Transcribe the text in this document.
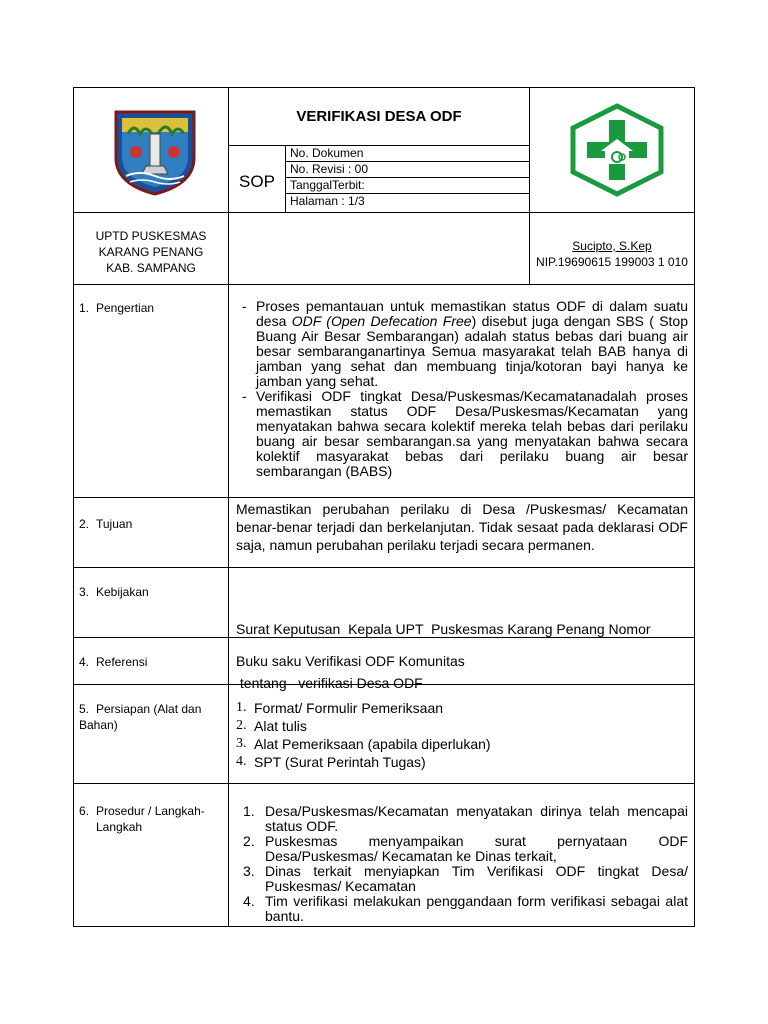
VERIFIKASI DESA ODF
SOP
No. Dokumen
No. Revisi : 00
TanggalTerbit:
Halaman : 1/3
UPTD PUSKESMAS
KARANG PENANG
KAB. SAMPANG
Sucipto, S.Kep
NIP.19690615 199003 1 010
1. Pengertian	- Proses pemantauan untuk memastikan status ODF di dalam suatu desa ODF (Open Defecation Free) disebut juga dengan SBS ( Stop Buang Air Besar Sembarangan) adalah status bebas dari buang air besar sembaranganartinya Semua masyarakat telah BAB hanya di jamban yang sehat dan membuang tinja/kotoran bayi hanya ke jamban yang sehat.
- Verifikasi ODF tingkat Desa/Puskesmas/Kecamatanadalah proses memastikan status ODF Desa/Puskesmas/Kecamatan yang menyatakan bahwa secara kolektif mereka telah bebas dari perilaku buang air besar sembarangan.sa yang menyatakan bahwa secara kolektif masyarakat bebas dari perilaku buang air besar sembarangan (BABS)
2. Tujuan
Memastikan perubahan perilaku di Desa /Puskesmas/ Kecamatan benar-benar terjadi dan berkelanjutan. Tidak sesaat pada deklarasi ODF saja, namun perubahan perilaku terjadi secara permanen.
3. Kebijakan

Surat Keputusan  Kepala UPT  Puskesmas Karang Penang Nomor

tentang   verifikasi Desa ODF

4. Referensi	Buku saku Verifikasi ODF Komunitas
5. Persiapan (Alat dan
Bahan)
1. Format/ Formulir Pemeriksaan
2. Alat tulis
3. Alat Pemeriksaan (apabila diperlukan)
4. SPT (Surat Perintah Tugas)
6. Prosedur / Langkah-
Langkah
1. Desa/Puskesmas/Kecamatan menyatakan dirinya telah mencapai status ODF.
2. Puskesmas menyampaikan surat pernyataan ODF Desa/Puskesmas/ Kecamatan ke Dinas terkait,
3. Dinas terkait menyiapkan Tim Verifikasi ODF tingkat Desa/ Puskesmas/ Kecamatan
4. Tim verifikasi melakukan penggandaan form verifikasi sebagai alat bantu.
